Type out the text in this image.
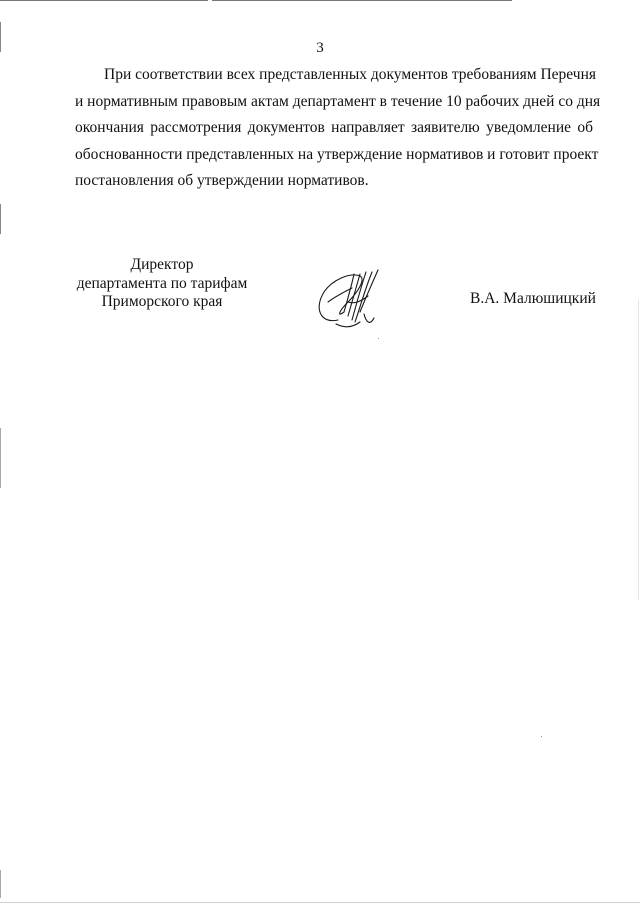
3
При соответствии всех представленных документов требованиям Перечня
и нормативным правовым актам департамент в течение 10 рабочих дней со дня
окончания рассмотрения документов направляет заявителю уведомление об
обоснованности представленных на утверждение нормативов и готовит проект
постановления об утверждении нормативов.
Директор
департамента по тарифам
Приморского края	В.А. Малюшицкий
